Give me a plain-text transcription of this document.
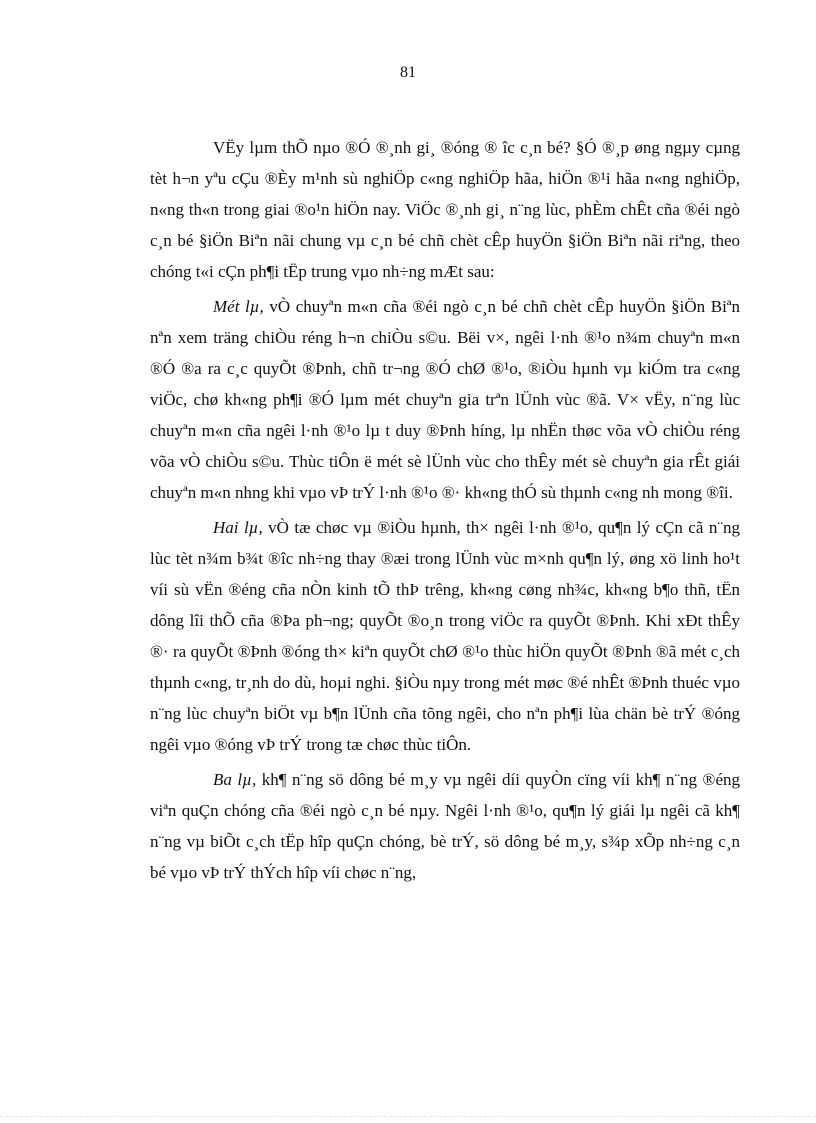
81

VËy lµm thÕ nµo ®Ó ®¸nh gi¸ ®óng ® îc c¸n bé? §Ó ®¸p øng ngµy cµng tèt h¬n yªu cÇu ®Èy m¹nh sù nghiÖp c«ng nghiÖp hãa, hiÖn ®¹i hãa n«ng nghiÖp, n«ng th«n trong giai ®o¹n hiÖn nay. ViÖc ®¸nh gi¸ n¨ng lùc, phÈm chÊt cña ®éi ngò c¸n bé §iÖn Biªn nãi chung vµ c¸n bé chñ chèt cÊp huyÖn §iÖn Biªn nãi riªng, theo chóng t«i cÇn ph¶i tËp trung vµo nh÷ng mÆt sau:

Mét lµ, vÒ chuyªn m«n cña ®éi ngò c¸n bé chñ chèt cÊp huyÖn §iÖn Biªn nªn xem träng chiÒu réng h¬n chiÒu s©u. Bëi v×, ngêi l·nh ®¹o n¾m chuyªn m«n ®Ó ®a ra c¸c quyÕt ®Þnh, chñ tr¬ng ®Ó chØ ®¹o, ®iÒu hµnh vµ kiÓm tra c«ng viÖc, chø kh«ng ph¶i ®Ó lµm mét chuyªn gia trªn lÜnh vùc ®ã. V× vËy, n¨ng lùc chuyªn m«n cña ngêi l·nh ®¹o lµ t duy ®Þnh híng, lµ nhËn thøc võa vÒ chiÒu réng võa vÒ chiÒu s©u. Thùc tiÔn ë mét sè lÜnh vùc cho thÊy mét sè chuyªn gia rÊt giái chuyªn m«n nhng khi vµo vÞ trÝ l·nh ®¹o ®· kh«ng thÓ sù thµnh c«ng nh mong ®îi.

Hai lµ, vÒ tæ chøc vµ ®iÒu hµnh, th× ngêi l·nh ®¹o, qu¶n lý cÇn cã n¨ng lùc tèt n¾m b¾t ®îc nh÷ng thay ®æi trong lÜnh vùc m×nh qu¶n lý, øng xö linh ho¹t víi sù vËn ®éng cña nÒn kinh tÕ thÞ trêng, kh«ng cøng nh¾c, kh«ng b¶o thñ, tËn dông lîi thÕ cña ®Þa ph¬ng; quyÕt ®o¸n trong viÖc ra quyÕt ®Þnh. Khi xÐt thÊy ®· ra quyÕt ®Þnh ®óng th× kiªn quyÕt chØ ®¹o thùc hiÖn quyÕt ®Þnh ®ã mét c¸ch thµnh c«ng, tr¸nh do dù, hoµi nghi. §iÒu nµy trong mét møc ®é nhÊt ®Þnh thuéc vµo n¨ng lùc chuyªn biÖt vµ b¶n lÜnh cña tõng ngêi, cho nªn ph¶i lùa chän bè trÝ ®óng ngêi vµo ®óng vÞ trÝ trong tæ chøc thùc tiÔn.

Ba lµ, kh¶ n¨ng sö dông bé m¸y vµ ngêi díi quyÒn cïng víi kh¶ n¨ng ®éng viªn quÇn chóng cña ®éi ngò c¸n bé nµy. Ngêi l·nh ®¹o, qu¶n lý giái lµ ngêi cã kh¶ n¨ng vµ biÕt c¸ch tËp hîp quÇn chóng, bè trÝ, sö dông bé m¸y, s¾p xÕp nh÷ng c¸n bé vµo vÞ trÝ thÝch hîp víi chøc n¨ng,
